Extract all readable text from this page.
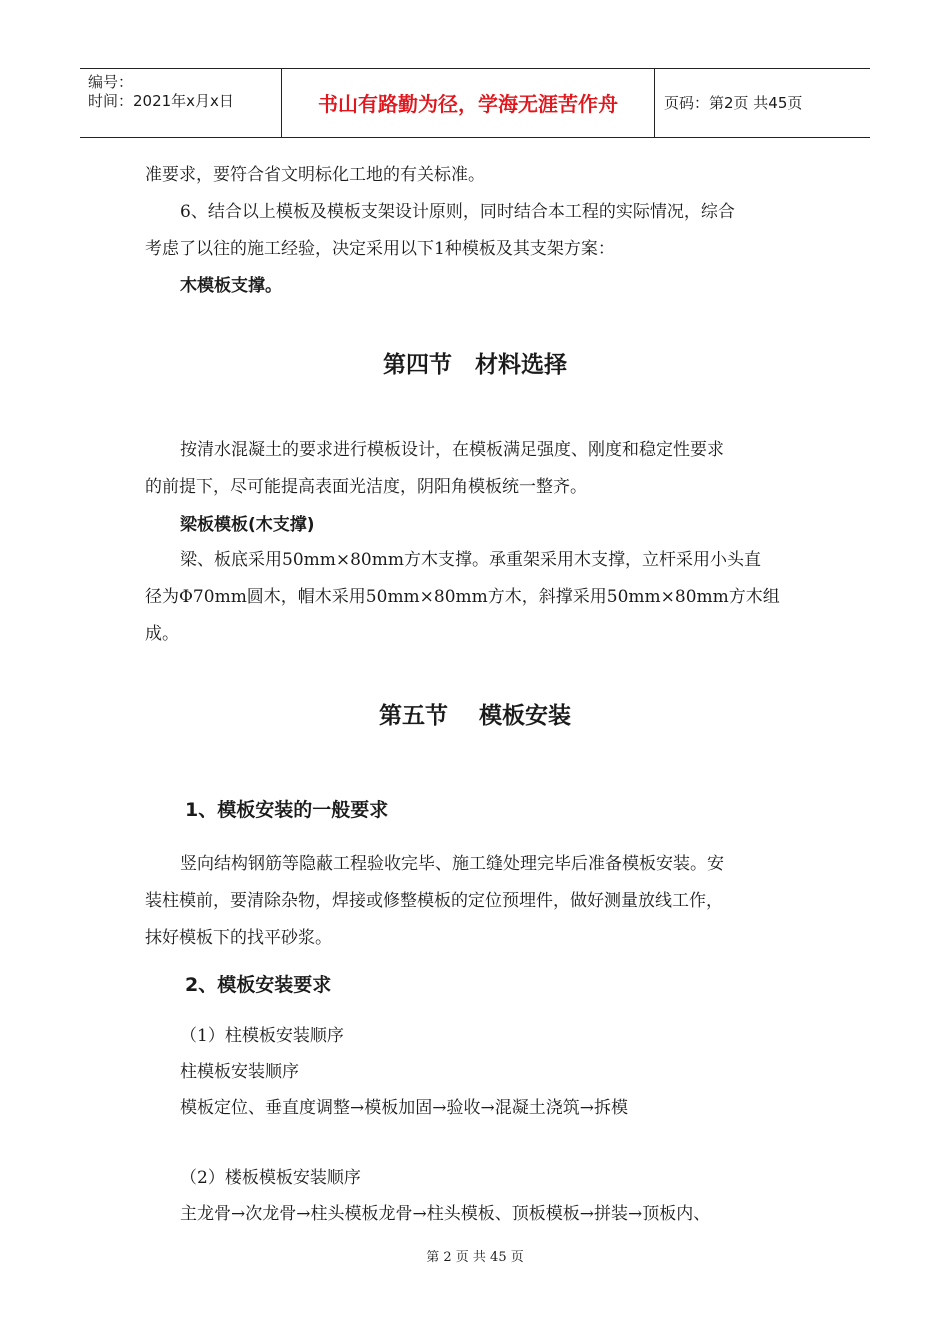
编号：
时间：2021年x月x日	书山有路勤为径，学海无涯苦作舟	页码：第2页 共45页
准要求，要符合省文明标化工地的有关标准。
6、结合以上模板及模板支架设计原则，同时结合本工程的实际情况，综合
考虑了以往的施工经验，决定采用以下1种模板及其支架方案：
木模板支撑。
第四节　材料选择
按清水混凝土的要求进行模板设计，在模板满足强度、刚度和稳定性要求
的前提下，尽可能提高表面光洁度，阴阳角模板统一整齐。
梁板模板(木支撑)
梁、板底采用50mm×80mm方木支撑。承重架采用木支撑，立杆采用小头直
径为Φ70mm圆木，帽木采用50mm×80mm方木，斜撑采用50mm×80mm方木组
成。
第五节　 模板安装
1、模板安装的一般要求
竖向结构钢筋等隐蔽工程验收完毕、施工缝处理完毕后准备模板安装。安
装柱模前，要清除杂物，焊接或修整模板的定位预埋件，做好测量放线工作，
抹好模板下的找平砂浆。
2、模板安装要求
（1）柱模板安装顺序
柱模板安装顺序
模板定位、垂直度调整→模板加固→验收→混凝土浇筑→拆模
（2）楼板模板安装顺序
主龙骨→次龙骨→柱头模板龙骨→柱头模板、顶板模板→拼装→顶板内、
第 2 页 共 45 页
